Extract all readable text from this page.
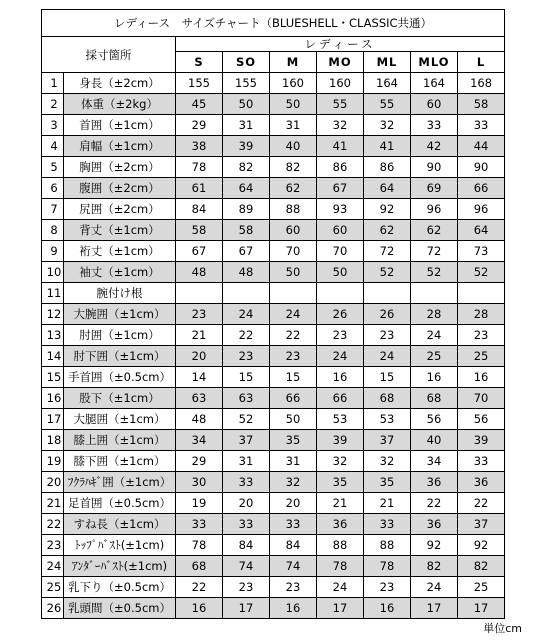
レディース　サイズチャート（BLUESHELL・CLASSIC共通）								
採寸箇所		レディース						
		S	SO	M	MO	ML	MLO	L
1	身長（±2cm）	155	155	160	160	164	164	168
2	体重（±2kg）	45	50	50	55	55	60	58
3	首囲（±1cm）	29	31	31	32	32	33	33
4	肩幅（±1cm）	38	39	40	41	41	42	44
5	胸囲（±2cm）	78	82	82	86	86	90	90
6	腹囲（±2cm）	61	64	62	67	64	69	66
7	尻囲（±2cm）	84	89	88	93	92	96	96
8	背丈（±1cm）	58	58	60	60	62	62	64
9	裄丈（±1cm）	67	67	70	70	72	72	73
10	袖丈（±1cm）	48	48	50	50	52	52	52
11	腕付け根							
12	大腕囲（±1cm）	23	24	24	26	26	28	28
13	肘囲（±1cm）	21	22	22	23	23	24	23
14	肘下囲（±1cm）	20	23	23	24	24	25	25
15	手首囲（±0.5cm）	14	15	15	16	15	16	16
16	股下（±1cm）	63	63	66	66	68	68	70
17	大腿囲（±1cm）	48	52	50	53	53	56	56
18	膝上囲（±1cm）	34	37	35	39	37	40	39
19	膝下囲（±1cm）	29	31	31	32	32	34	33
20	ﾌｸﾗﾊｷﾞ囲（±1cm）	30	33	32	35	35	36	36
21	足首囲（±0.5cm）	19	20	20	21	21	22	22
22	すね長（±1cm）	33	33	33	36	33	36	37
23	ﾄｯﾌﾟﾊﾞｽﾄ(±1cm)	78	84	84	88	88	92	92
24	ｱﾝﾀﾞｰﾊﾞｽﾄ(±1cm)	68	74	74	78	78	82	82
25	乳下り（±0.5cm）	22	23	23	24	23	24	25
26	乳頭間（±0.5cm）	16	17	16	17	16	17	17
単位cm
